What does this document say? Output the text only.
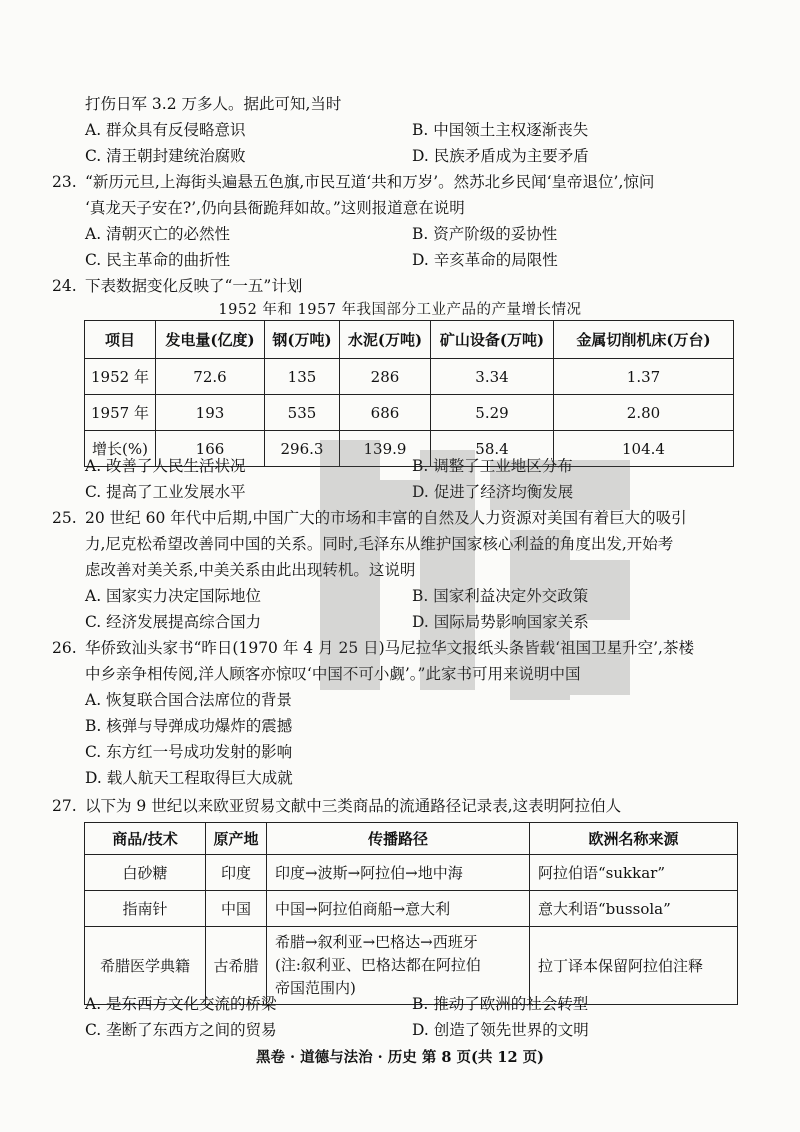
打伤日军 3.2 万多人。据此可知,当时
A. 群众具有反侵略意识	B. 中国领土主权逐渐丧失
C. 清王朝封建统治腐败	D. 民族矛盾成为主要矛盾
23. “新历元旦,上海街头遍悬五色旗,市民互道‘共和万岁’。然苏北乡民闻‘皇帝退位’,惊问
‘真龙天子安在?’,仍向县衙跪拜如故。”这则报道意在说明
A. 清朝灭亡的必然性	B. 资产阶级的妥协性
C. 民主革命的曲折性	D. 辛亥革命的局限性
24. 下表数据变化反映了“一五”计划
1952 年和 1957 年我国部分工业产品的产量增长情况
项目	发电量(亿度)	钢(万吨)	水泥(万吨)	矿山设备(万吨)	金属切削机床(万台)
1952 年	72.6	135	286	3.34	1.37
1957 年	193	535	686	5.29	2.80
增长(%)	166	296.3	139.9	58.4	104.4
A. 改善了人民生活状况	B. 调整了工业地区分布
C. 提高了工业发展水平	D. 促进了经济均衡发展
25. 20 世纪 60 年代中后期,中国广大的市场和丰富的自然及人力资源对美国有着巨大的吸引
力,尼克松希望改善同中国的关系。同时,毛泽东从维护国家核心利益的角度出发,开始考
虑改善对美关系,中美关系由此出现转机。这说明
A. 国家实力决定国际地位	B. 国家利益决定外交政策
C. 经济发展提高综合国力	D. 国际局势影响国家关系
26. 华侨致汕头家书“昨日(1970 年 4 月 25 日)马尼拉华文报纸头条皆载‘祖国卫星升空’,茶楼
中乡亲争相传阅,洋人顾客亦惊叹‘中国不可小觑’。”此家书可用来说明中国
A. 恢复联合国合法席位的背景
B. 核弹与导弹成功爆炸的震撼
C. 东方红一号成功发射的影响
D. 载人航天工程取得巨大成就
27. 以下为 9 世纪以来欧亚贸易文献中三类商品的流通路径记录表,这表明阿拉伯人
商品/技术	原产地	传播路径	欧洲名称来源
白砂糖	印度	印度→波斯→阿拉伯→地中海	阿拉伯语“sukkar”
指南针	中国	中国→阿拉伯商船→意大利	意大利语“bussola”
希腊医学典籍	古希腊	希腊→叙利亚→巴格达→西班牙
(注:叙利亚、巴格达都在阿拉伯
帝国范围内)	拉丁译本保留阿拉伯注释
A. 是东西方文化交流的桥梁	B. 推动了欧洲的社会转型
C. 垄断了东西方之间的贸易	D. 创造了领先世界的文明
黑卷 · 道德与法治 · 历史 第 8 页(共 12 页)
